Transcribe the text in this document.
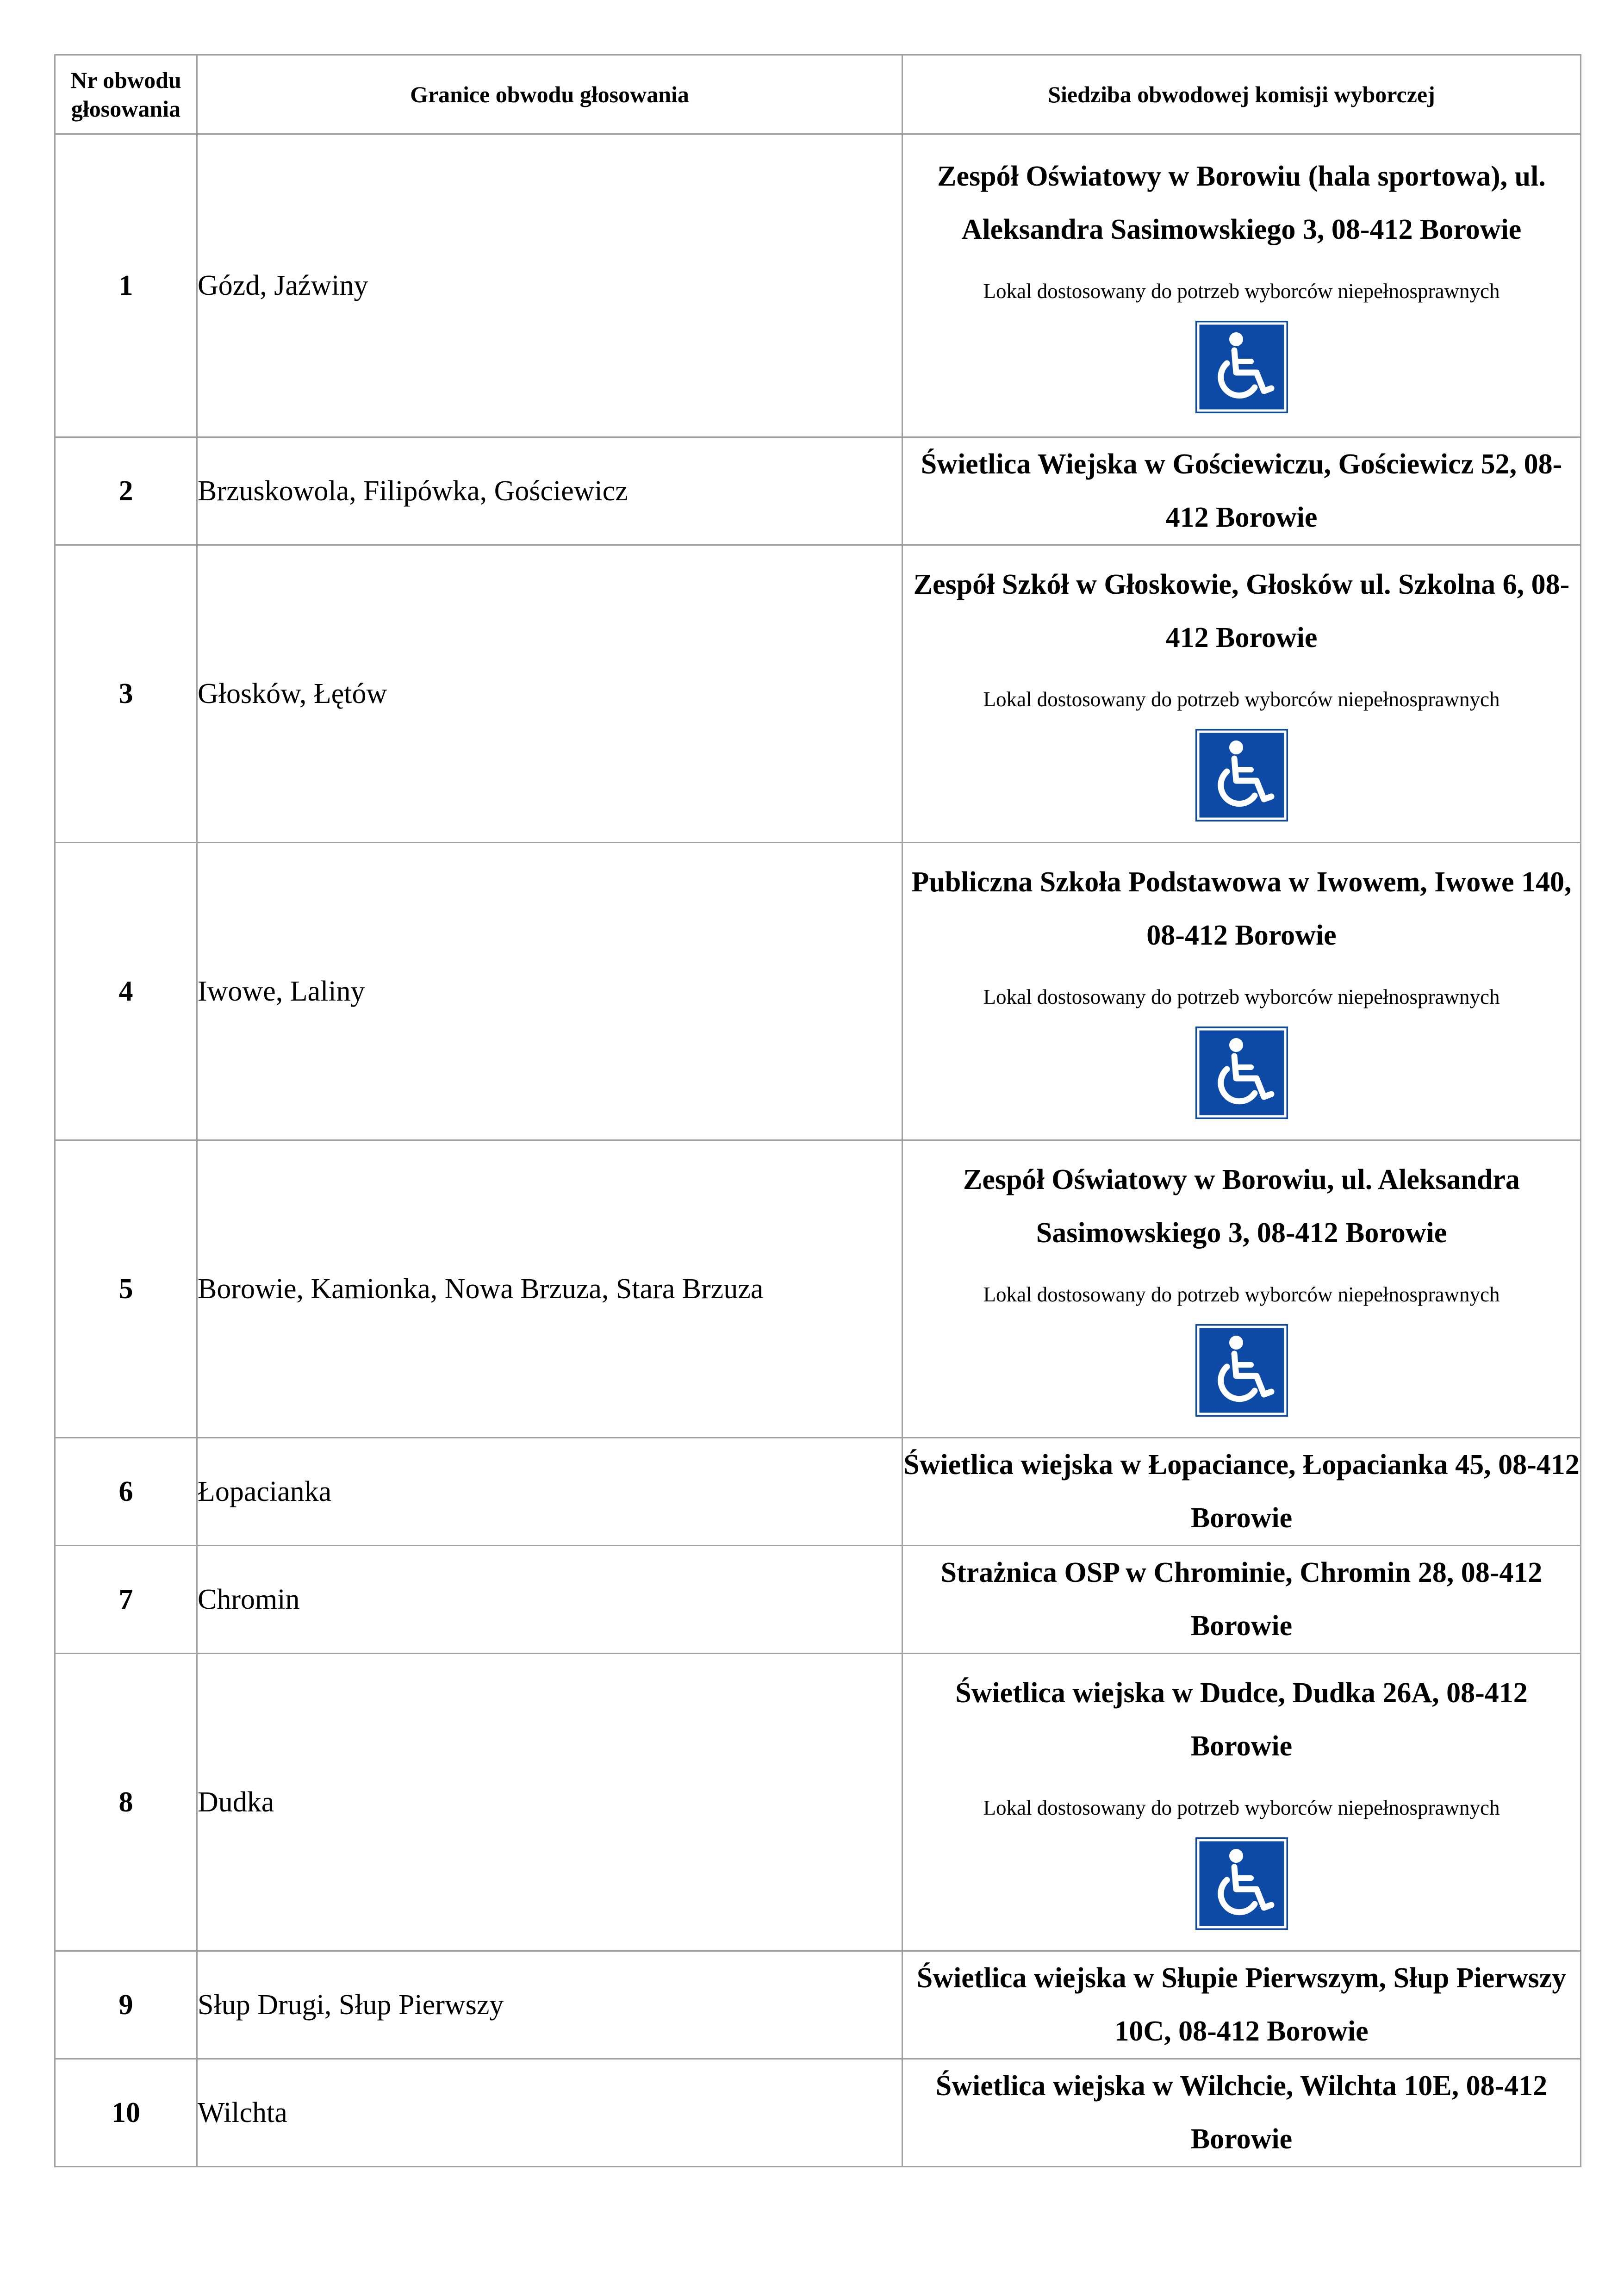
Nr obwodu głosowania	Granice obwodu głosowania	Siedziba obwodowej komisji wyborczej
1	Gózd, Jaźwiny	Zespół Oświatowy w Borowiu (hala sportowa), ul. Aleksandra Sasimowskiego 3, 08-412 Borowie
Lokal dostosowany do potrzeb wyborców niepełnosprawnych

2	Brzuskowola, Filipówka, Gościewicz	Świetlica Wiejska w Gościewiczu, Gościewicz 52, 08-412 Borowie

3	Głosków, Łętów	Zespół Szkół w Głoskowie, Głosków ul. Szkolna 6, 08-412 Borowie
Lokal dostosowany do potrzeb wyborców niepełnosprawnych

4	Iwowe, Laliny	Publiczna Szkoła Podstawowa w Iwowem, Iwowe 140, 08-412 Borowie
Lokal dostosowany do potrzeb wyborców niepełnosprawnych

5	Borowie, Kamionka, Nowa Brzuza, Stara Brzuza	Zespół Oświatowy w Borowiu, ul. Aleksandra Sasimowskiego 3, 08-412 Borowie
Lokal dostosowany do potrzeb wyborców niepełnosprawnych

6	Łopacianka	Świetlica wiejska w Łopaciance, Łopacianka 45, 08-412 Borowie

7	Chromin	Strażnica OSP w Chrominie, Chromin 28, 08-412 Borowie

8	Dudka	Świetlica wiejska w Dudce, Dudka 26A, 08-412 Borowie
Lokal dostosowany do potrzeb wyborców niepełnosprawnych

9	Słup Drugi, Słup Pierwszy	Świetlica wiejska w Słupie Pierwszym, Słup Pierwszy 10C, 08-412 Borowie

10	Wilchta	Świetlica wiejska w Wilchcie, Wilchta 10E, 08-412 Borowie
